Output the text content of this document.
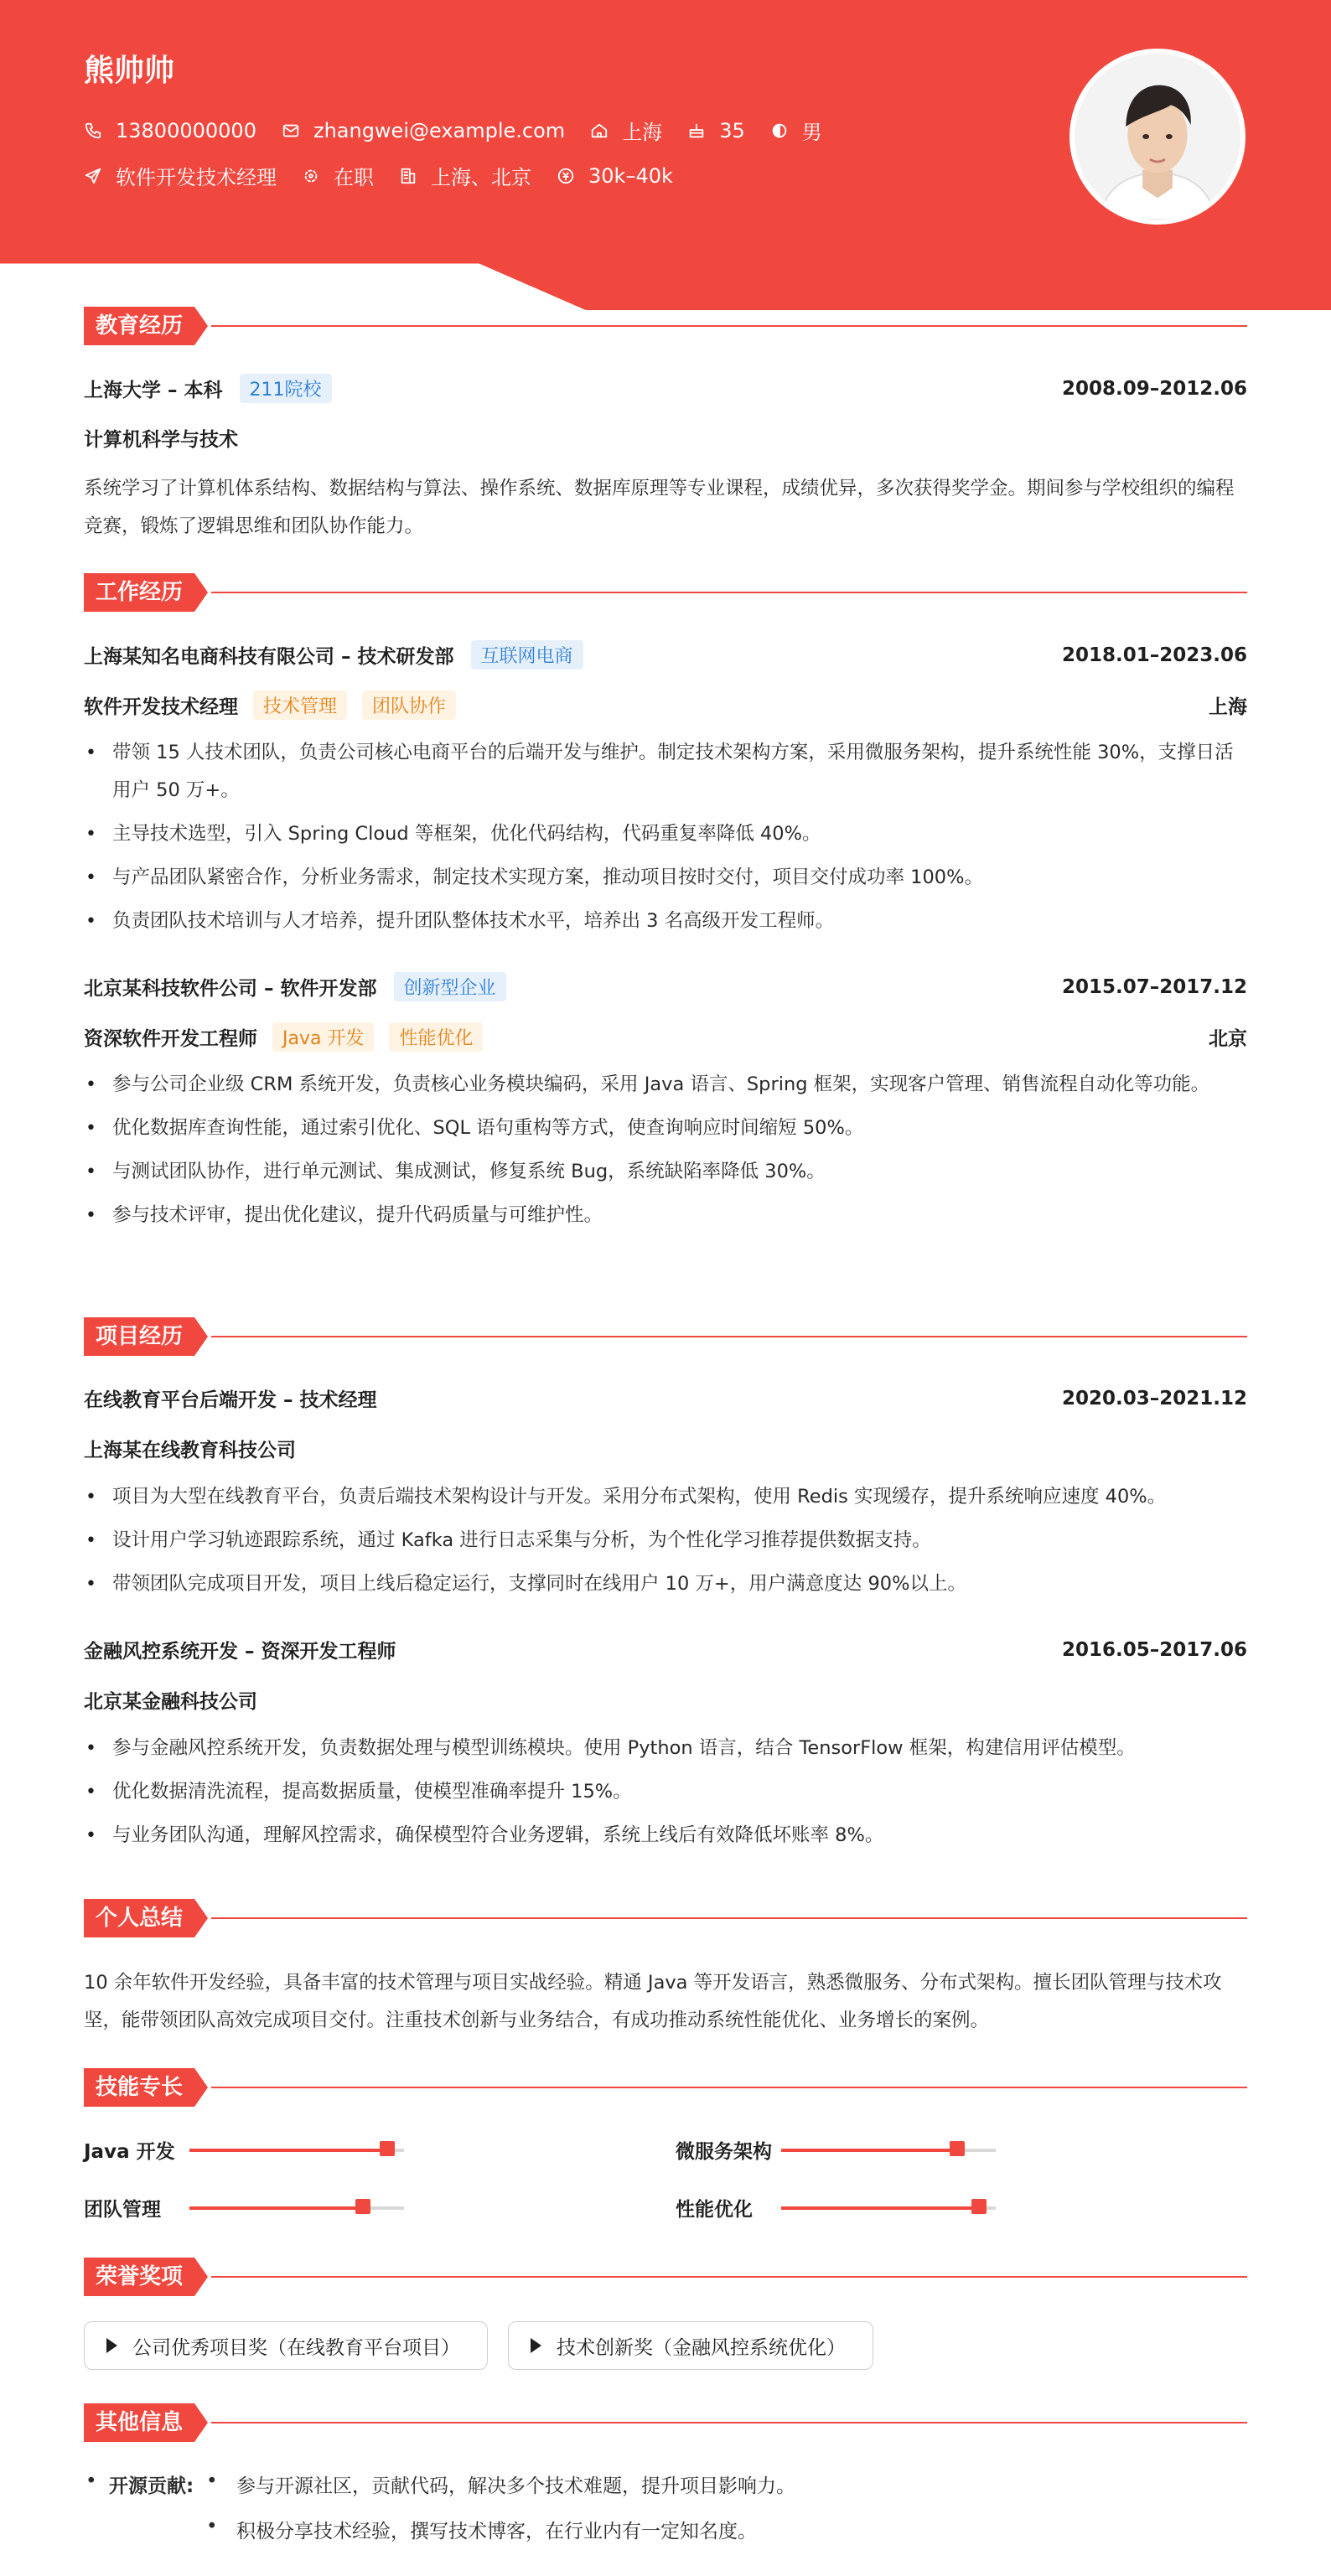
熊帅帅
13800000000	zhangwei@example.com	上海	35	男
软件开发技术经理	在职	上海、北京	30k–40k
教育经历
上海大学 – 本科	211院校	2008.09–2012.06
计算机科学与技术
系统学习了计算机体系结构、数据结构与算法、操作系统、数据库原理等专业课程，成绩优异，多次获得奖学金。期间参与学校组织的编程竞赛，锻炼了逻辑思维和团队协作能力。
工作经历
上海某知名电商科技有限公司 – 技术研发部	互联网电商	2018.01–2023.06
软件开发技术经理	技术管理	团队协作	上海
• 带领 15 人技术团队，负责公司核心电商平台的后端开发与维护。制定技术架构方案，采用微服务架构，提升系统性能 30%，支撑日活用户 50 万+。
• 主导技术选型，引入 Spring Cloud 等框架，优化代码结构，代码重复率降低 40%。
• 与产品团队紧密合作，分析业务需求，制定技术实现方案，推动项目按时交付，项目交付成功率 100%。
• 负责团队技术培训与人才培养，提升团队整体技术水平，培养出 3 名高级开发工程师。
北京某科技软件公司 – 软件开发部	创新型企业	2015.07–2017.12
资深软件开发工程师	Java 开发	性能优化	北京
• 参与公司企业级 CRM 系统开发，负责核心业务模块编码，采用 Java 语言、Spring 框架，实现客户管理、销售流程自动化等功能。
• 优化数据库查询性能，通过索引优化、SQL 语句重构等方式，使查询响应时间缩短 50%。
• 与测试团队协作，进行单元测试、集成测试，修复系统 Bug，系统缺陷率降低 30%。
• 参与技术评审，提出优化建议，提升代码质量与可维护性。
项目经历
在线教育平台后端开发 – 技术经理	2020.03–2021.12
上海某在线教育科技公司
• 项目为大型在线教育平台，负责后端技术架构设计与开发。采用分布式架构，使用 Redis 实现缓存，提升系统响应速度 40%。
• 设计用户学习轨迹跟踪系统，通过 Kafka 进行日志采集与分析，为个性化学习推荐提供数据支持。
• 带领团队完成项目开发，项目上线后稳定运行，支撑同时在线用户 10 万+，用户满意度达 90%以上。
金融风控系统开发 – 资深开发工程师	2016.05–2017.06
北京某金融科技公司
• 参与金融风控系统开发，负责数据处理与模型训练模块。使用 Python 语言，结合 TensorFlow 框架，构建信用评估模型。
• 优化数据清洗流程，提高数据质量，使模型准确率提升 15%。
• 与业务团队沟通，理解风控需求，确保模型符合业务逻辑，系统上线后有效降低坏账率 8%。
个人总结
10 余年软件开发经验，具备丰富的技术管理与项目实战经验。精通 Java 等开发语言，熟悉微服务、分布式架构。擅长团队管理与技术攻坚，能带领团队高效完成项目交付。注重技术创新与业务结合，有成功推动系统性能优化、业务增长的案例。
技能专长
Java 开发	微服务架构
团队管理	性能优化
荣誉奖项
公司优秀项目奖（在线教育平台项目）	技术创新奖（金融风控系统优化）
其他信息
• 开源贡献: • 参与开源社区，贡献代码，解决多个技术难题，提升项目影响力。
• 积极分享技术经验，撰写技术博客，在行业内有一定知名度。
